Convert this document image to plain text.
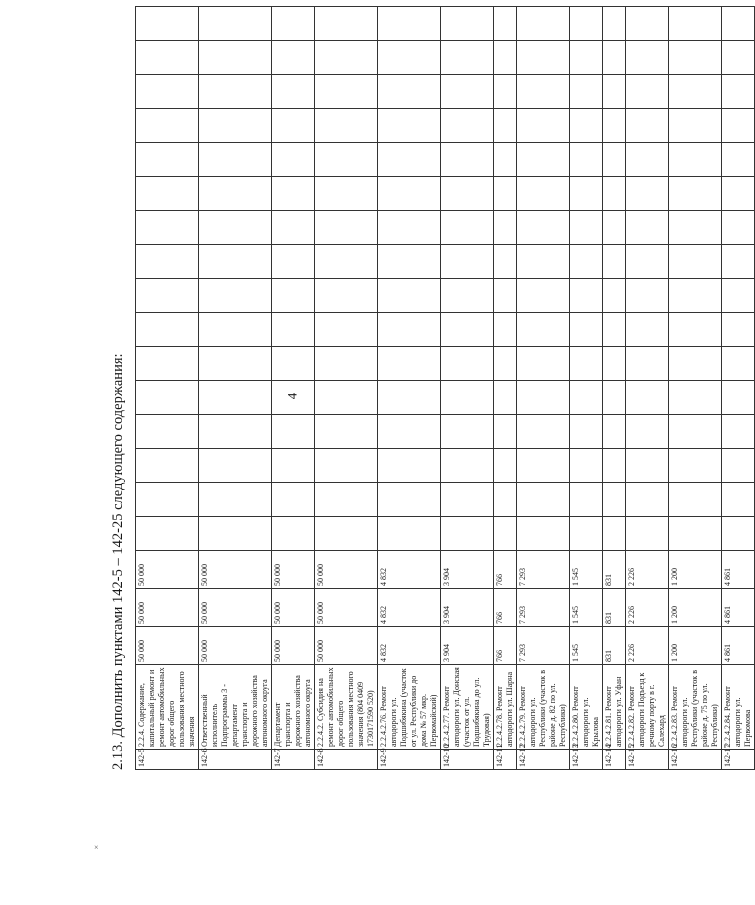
4
×
2.13. Дополнить пунктами 142-5 – 142-25 следующего содержания:	142-5	2.2.4. Содержание, капитальный ремонт и ремонт автомобильных дорог общего пользования местного значения	50 000	50 000	50 000																
142-6	Ответственный исполнитель Подпрограммы 3 - департамент транспорта и дорожного хозяйства автономного округа	50 000	50 000	50 000																
142-7	Департамент транспорта и дорожного хозяйства автономного округа	50 000	50 000	50 000																
142-8	2.2.4.2. Субсидия на ремонт автомобильных дорог общего пользования местного значения (804 0409 1730171590 520)	50 000	50 000	50 000																
142-9	2.2.4.2.76. Ремонт автодороги ул. Подшибякина (участок от ул. Республики до дома № 57 мкр. Первомайский)	4 832	4 832	4 832																
142-10	2.2.4.2.77. Ремонт автодороги ул. Донская (участок от ул. Подшибякина до ул. Трудовая)	3 904	3 904	3 904																
142-11	2.2.4.2.78. Ремонт автодороги ул. Шарна	766	766	766																
142-12	2.2.4.2.79. Ремонт автодороги ул. Республики (участок в районе д. 82 по ул. Республики)	7 293	7 293	7 293																
142-13	2.2.4.2.80. Ремонт автодороги ул. Крылова	1 545	1 545	1 545																
142-14	2.2.4.2.81. Ремонт автодороги ул. Уфан	831	831	831																
142-15	2.2.4.2.82. Ремонт автодороги Подъезд к речному порту в г. Салехард	2 226	2 226	2 226																
142-16	2.2.4.2.83. Ремонт автодороги ул. Республики (участок в районе д. 75 по ул. Республики)	1 200	1 200	1 200																
142-17	2.2.4.2.84. Ремонт автодороги ул. Первомова	4 861	4 861	4 861																
